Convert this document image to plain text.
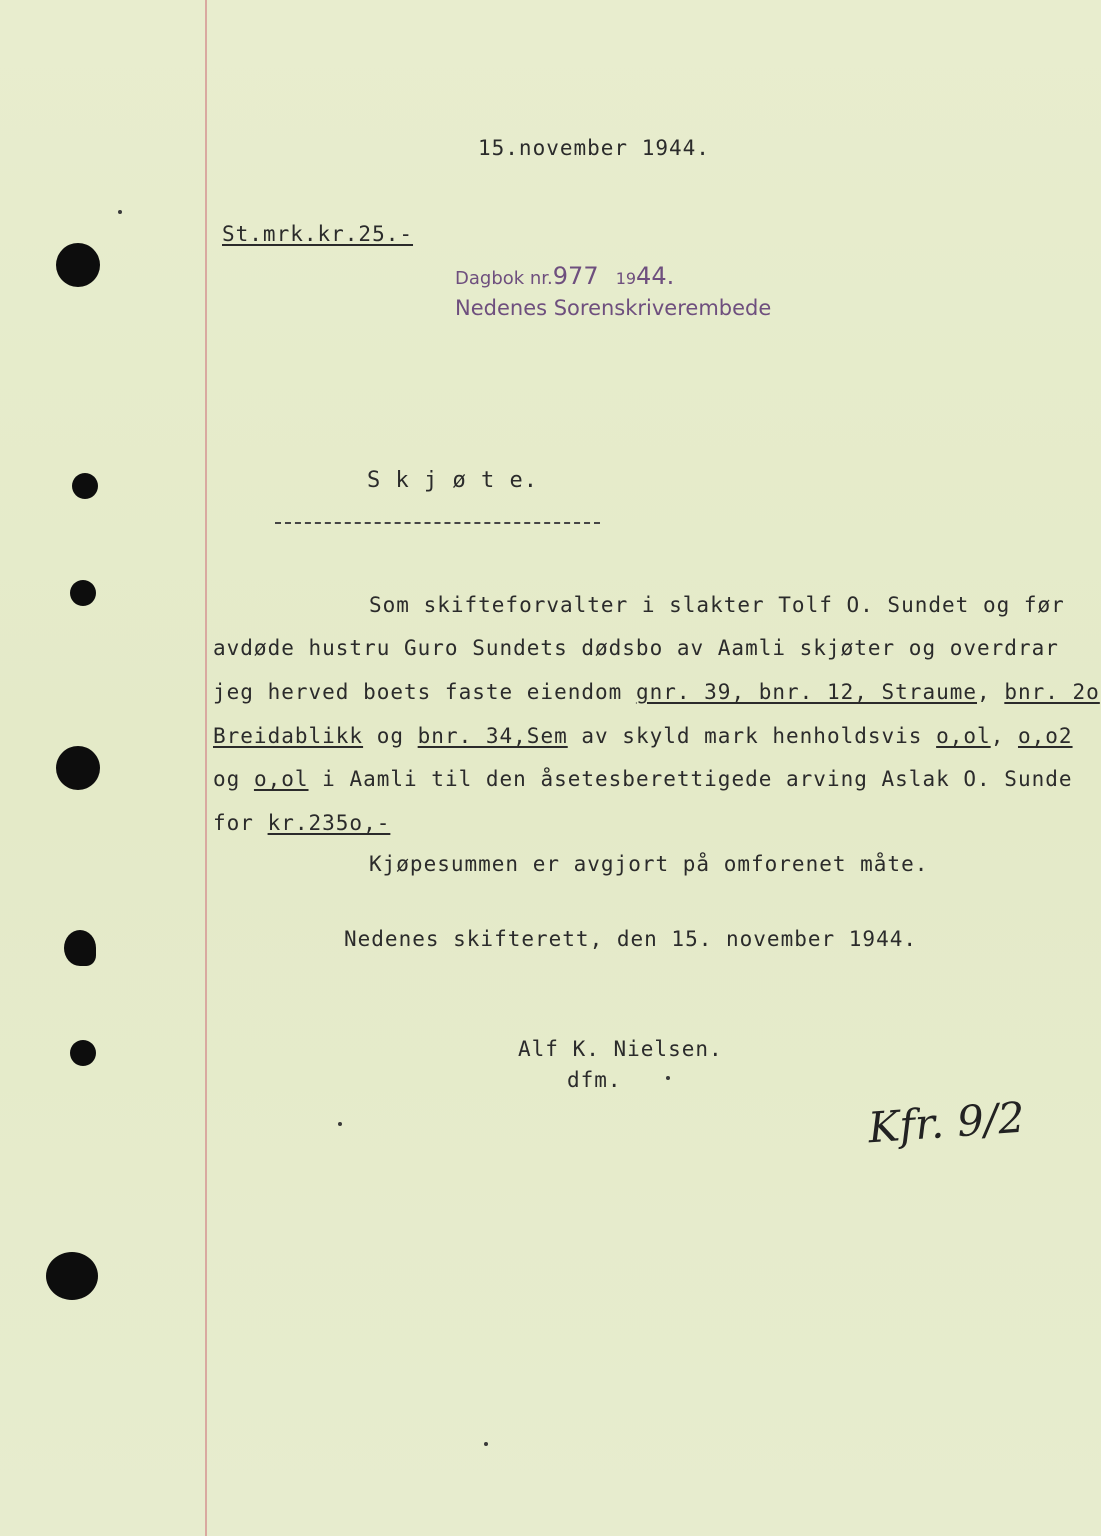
15.november 1944.
St.mrk.kr.25.-
Dagbok nr.977 1944.
Nedenes Sorenskriverembede
S k j ø t e.
Som skifteforvalter i slakter Tolf O. Sundet og før
avdøde hustru Guro Sundets dødsbo av Aamli skjøter og overdrar
jeg herved boets faste eiendom gnr. 39, bnr. 12, Straume, bnr. 2o
Breidablikk og bnr. 34,Sem av skyld mark henholdsvis o,ol, o,o2
og o,ol i Aamli til den åsetesberettigede arving Aslak O. Sunde
for kr.235o,-
Kjøpesummen er avgjort på omforenet måte.
Nedenes skifterett, den 15. november 1944.
Alf K. Nielsen.
dfm.
Kfr. 9/2
